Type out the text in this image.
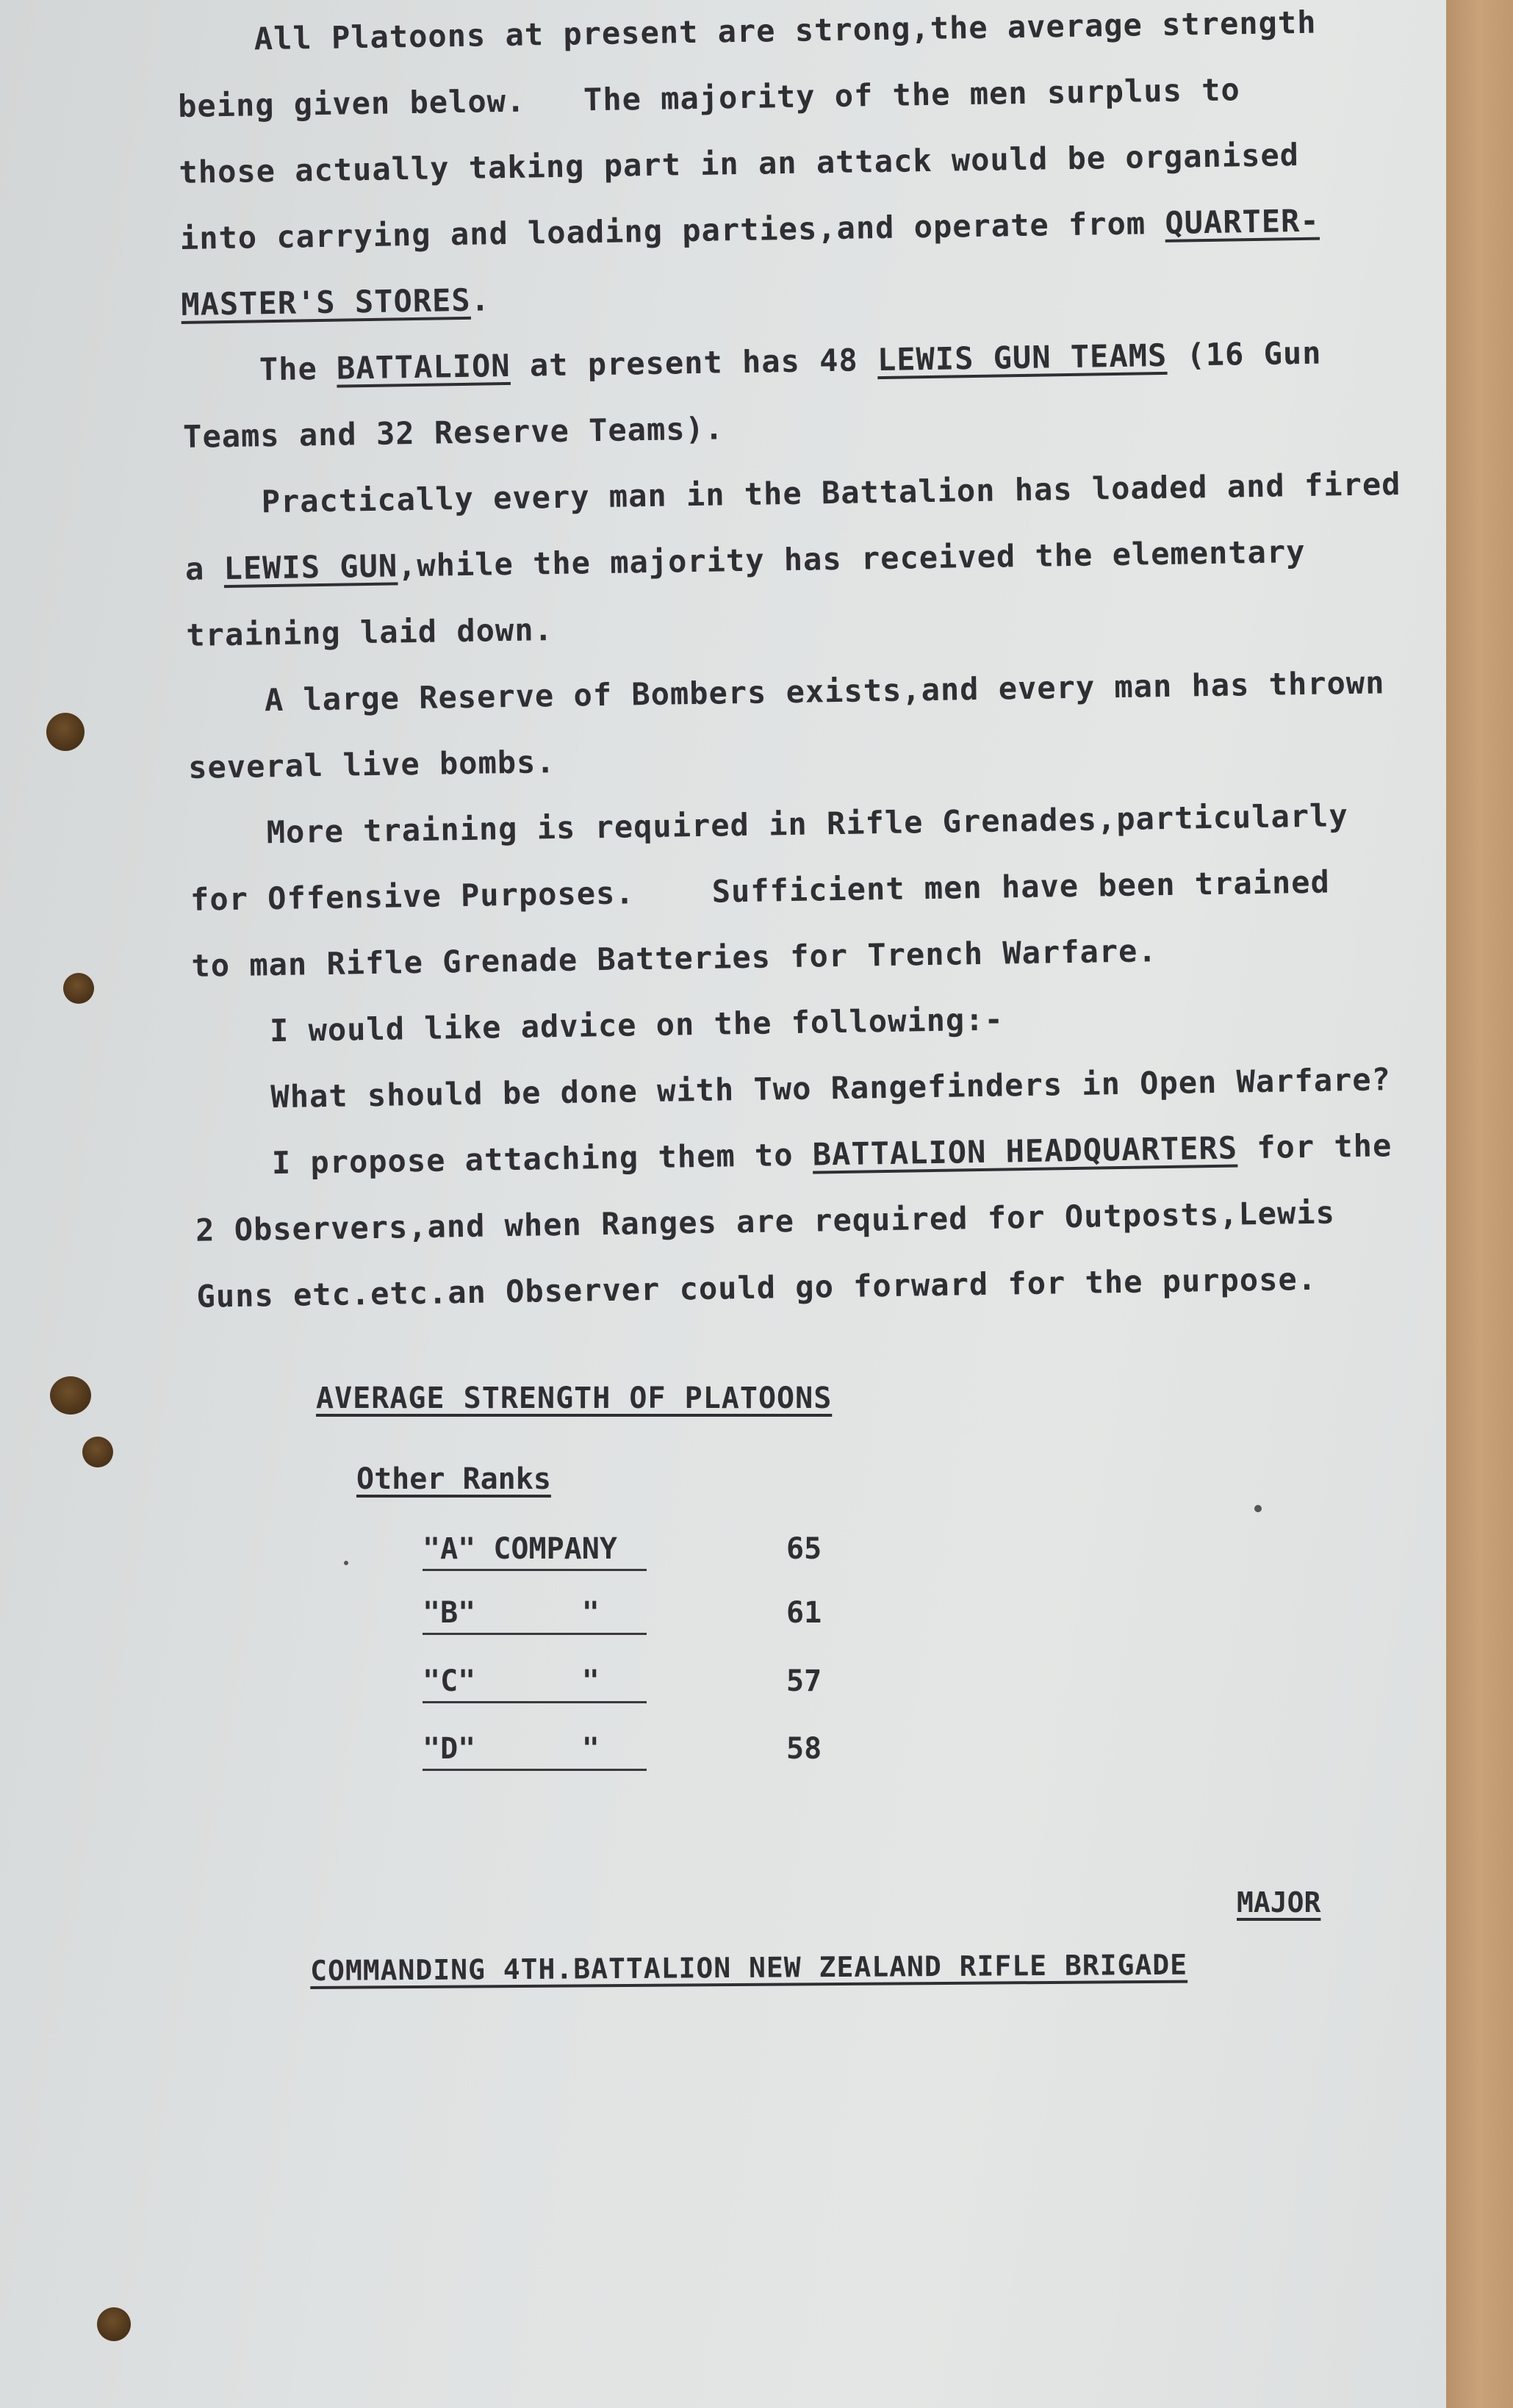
All Platoons at present are strong,the average strength
being given below.   The majority of the men surplus to
those actually taking part in an attack would be organised
into carrying and loading parties,and operate from QUARTER-
MASTER'S STORES.
The BATTALION at present has 48 LEWIS GUN TEAMS (16 Gun
Teams and 32 Reserve Teams).
Practically every man in the Battalion has loaded and fired
a LEWIS GUN,while the majority has received the elementary
training laid down.
A large Reserve of Bombers exists,and every man has thrown
several live bombs.
More training is required in Rifle Grenades,particularly
for Offensive Purposes.    Sufficient men have been trained
to man Rifle Grenade Batteries for Trench Warfare.
I would like advice on the following:-
What should be done with Two Rangefinders in Open Warfare?
I propose attaching them to BATTALION HEADQUARTERS for the
2 Observers,and when Ranges are required for Outposts,Lewis
Guns etc.etc.an Observer could go forward for the purpose.
AVERAGE STRENGTH OF PLATOONS
Other Ranks
"A" COMPANY	65
"B"      "	61
"C"      "	57
"D"      "	58
MAJOR
COMMANDING 4TH.BATTALION NEW ZEALAND RIFLE BRIGADE
